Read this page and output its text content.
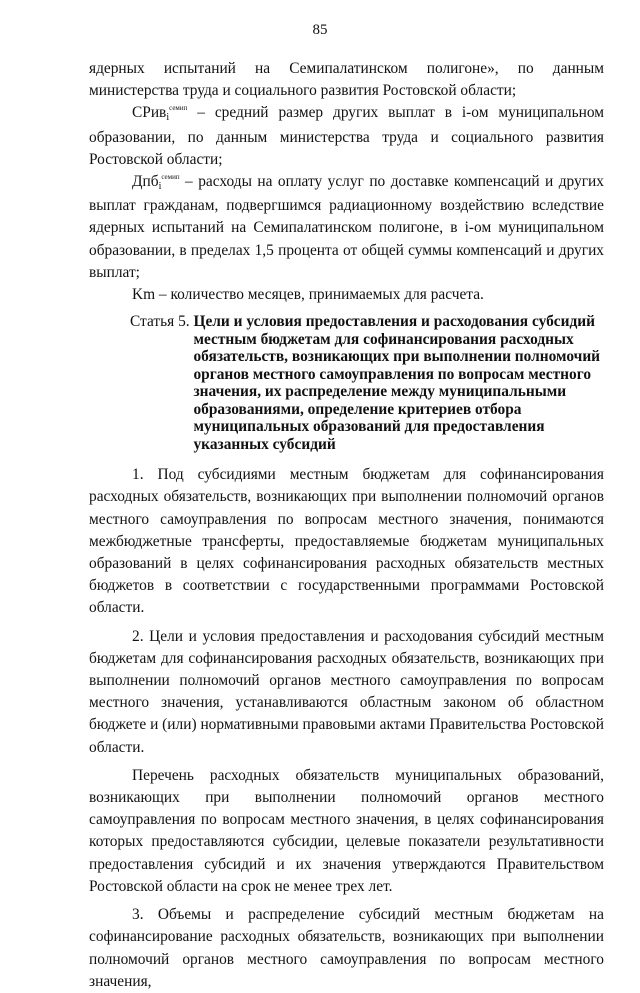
85

ядерных испытаний на Семипалатинском полигоне», по данным министерства труда и социального развития Ростовской области;

СРив$_i^{семип}$ – средний размер других выплат в i-ом муниципальном образовании, по данным министерства труда и социального развития Ростовской области;

Дпб$_i^{семип}$ – расходы на оплату услуг по доставке компенсаций и других выплат гражданам, подвергшимся радиационному воздействию вследствие ядерных испытаний на Семипалатинском полигоне, в i-ом муниципальном образовании, в пределах 1,5 процента от общей суммы компенсаций и других выплат;

Km – количество месяцев, принимаемых для расчета.

Статья 5. Цели и условия предоставления и расходования субсидий местным бюджетам для софинансирования расходных обязательств, возникающих при выполнении полномочий органов местного самоуправления по вопросам местного значения, их распределение между муниципальными образованиями, определение критериев отбора муниципальных образований для предоставления указанных субсидий

1. Под субсидиями местным бюджетам для софинансирования расходных обязательств, возникающих при выполнении полномочий органов местного самоуправления по вопросам местного значения, понимаются межбюджетные трансферты, предоставляемые бюджетам муниципальных образований в целях софинансирования расходных обязательств местных бюджетов в соответствии с государственными программами Ростовской области.

2. Цели и условия предоставления и расходования субсидий местным бюджетам для софинансирования расходных обязательств, возникающих при выполнении полномочий органов местного самоуправления по вопросам местного значения, устанавливаются областным законом об областном бюджете и (или) нормативными правовыми актами Правительства Ростовской области.

Перечень расходных обязательств муниципальных образований, возникающих при выполнении полномочий органов местного самоуправления по вопросам местного значения, в целях софинансирования которых предоставляются субсидии, целевые показатели результативности предоставления субсидий и их значения утверждаются Правительством Ростовской области на срок не менее трех лет.

3. Объемы и распределение субсидий местным бюджетам на софинансирование расходных обязательств, возникающих при выполнении полномочий органов местного самоуправления по вопросам местного значения,
